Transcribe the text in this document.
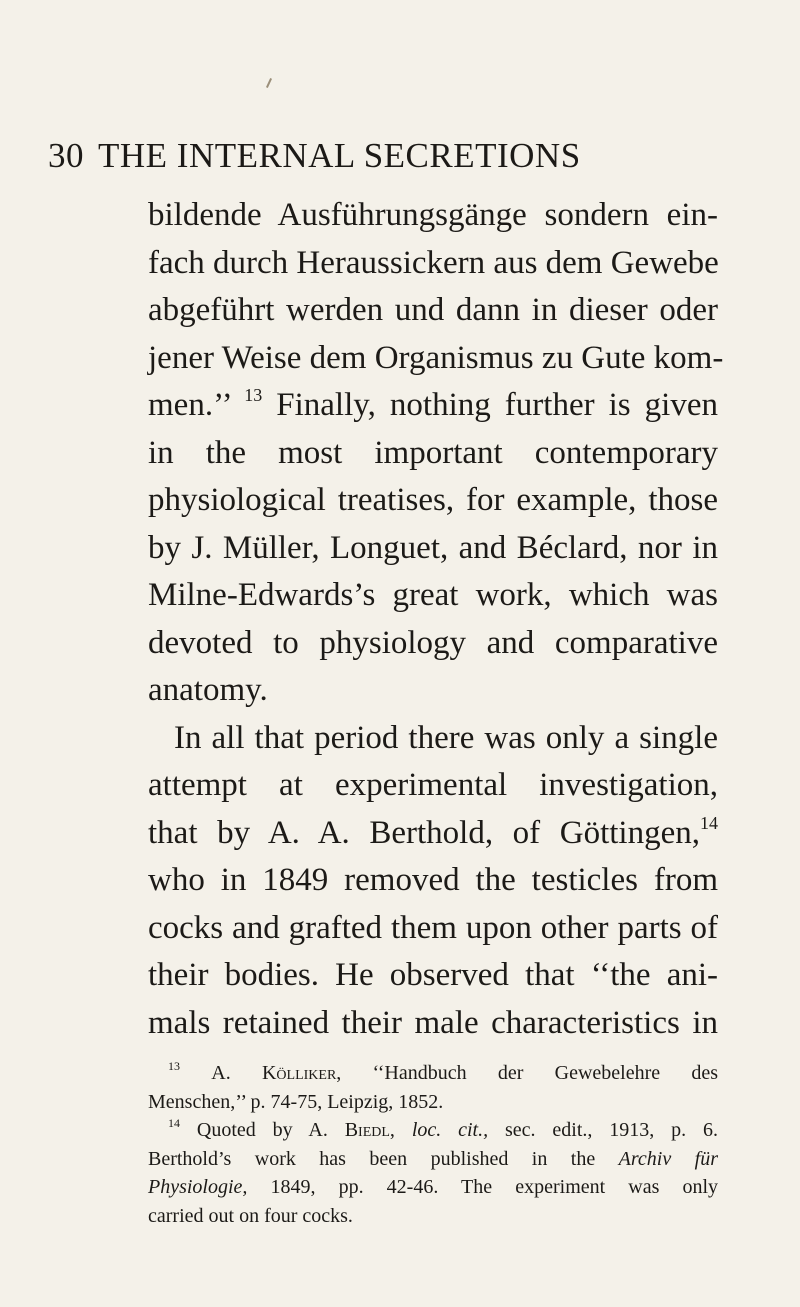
30 THE INTERNAL SECRETIONS
bildende Ausführungsgänge sondern ein-
fach durch Heraussickern aus dem Gewebe
abgeführt werden und dann in dieser oder
jener Weise dem Organismus zu Gute kom-
men.’’ $^{13}$ Finally, nothing further is given
in the most important contemporary
physiological treatises, for example, those
by J. Müller, Longuet, and Béclard, nor in
Milne-Edwards’s great work, which was
devoted to physiology and comparative
anatomy.
In all that period there was only a single
attempt at experimental investigation,
that by A. A. Berthold, of Göttingen,$^{14}$
who in 1849 removed the testicles from
cocks and grafted them upon other parts of
their bodies. He observed that ‘‘the ani-
mals retained their male characteristics in
$^{13}$ A. Kölliker, ‘‘Handbuch der Gewebelehre des
Menschen,’’ p. 74-75, Leipzig, 1852.
$^{14}$ Quoted by A. Biedl, loc. cit., sec. edit., 1913, p. 6.
Berthold’s work has been published in the Archiv für
Physiologie, 1849, pp. 42-46. The experiment was only
carried out on four cocks.
